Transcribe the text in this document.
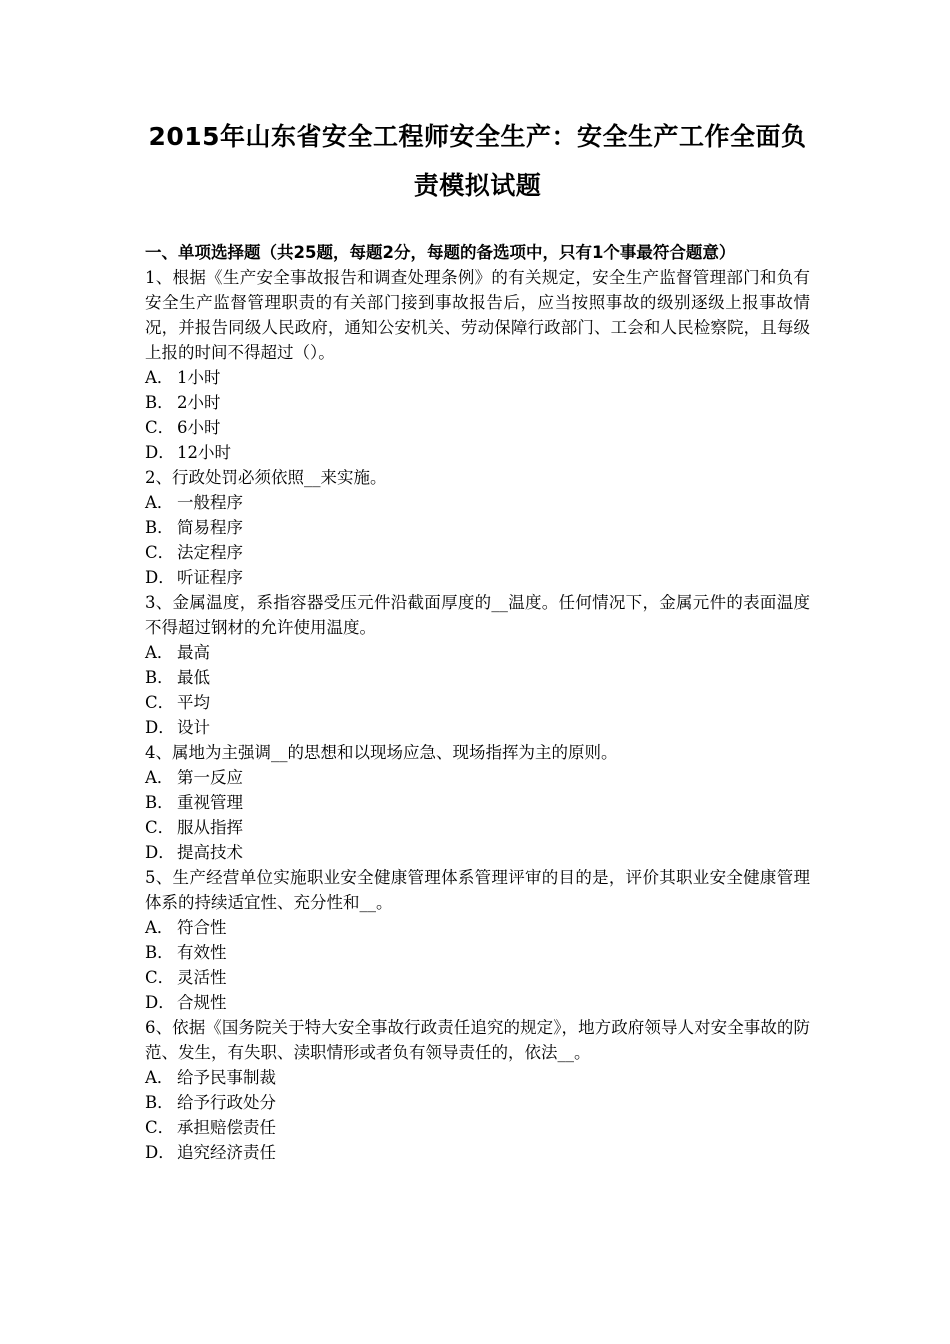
2015年山东省安全工程师安全生产：安全生产工作全面负责模拟试题

一、单项选择题（共25题，每题2分，每题的备选项中，只有1个事最符合题意）

1、根据《生产安全事故报告和调查处理条例》的有关规定，安全生产监督管理部门和负有安全生产监督管理职责的有关部门接到事故报告后，应当按照事故的级别逐级上报事故情况，并报告同级人民政府，通知公安机关、劳动保障行政部门、工会和人民检察院，且每级上报的时间不得超过（）。

A． 1小时
B． 2小时
C． 6小时
D． 12小时

2、行政处罚必须依照__来实施。

A． 一般程序
B． 简易程序
C． 法定程序
D． 听证程序

3、金属温度，系指容器受压元件沿截面厚度的__温度。任何情况下，金属元件的表面温度不得超过钢材的允许使用温度。

A． 最高
B． 最低
C． 平均
D． 设计

4、属地为主强调__的思想和以现场应急、现场指挥为主的原则。

A． 第一反应
B． 重视管理
C． 服从指挥
D． 提高技术

5、生产经营单位实施职业安全健康管理体系管理评审的目的是，评价其职业安全健康管理体系的持续适宜性、充分性和__。

A． 符合性
B． 有效性
C． 灵活性
D． 合规性

6、依据《国务院关于特大安全事故行政责任追究的规定》，地方政府领导人对安全事故的防范、发生，有失职、渎职情形或者负有领导责任的，依法__。

A． 给予民事制裁
B． 给予行政处分
C． 承担赔偿责任
D． 追究经济责任
